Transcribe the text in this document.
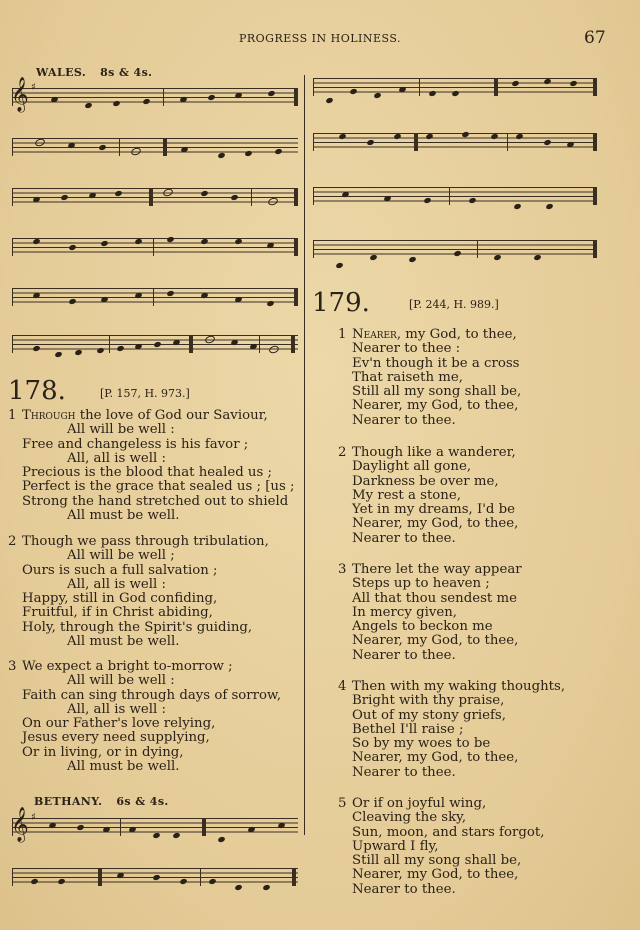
PROGRESS IN HOLINESS.	67
WALES. 8s & 4s.
𝄞 ♯
178.	[P. 157, H. 973.]
1 Through the love of God our Saviour,
All will be well :
Free and changeless is his favor ;
All, all is well :
Precious is the blood that healed us ;
Perfect is the grace that sealed us ; [us ;
Strong the hand stretched out to shield
All must be well.
2 Though we pass through tribulation,
All will be well ;
Ours is such a full salvation ;
All, all is well :
Happy, still in God confiding,
Fruitful, if in Christ abiding,
Holy, through the Spirit's guiding,
All must be well.
3 We expect a bright to-morrow ;
All will be well :
Faith can sing through days of sorrow,
All, all is well :
On our Father's love relying,
Jesus every need supplying,
Or in living, or in dying,
All must be well.
BETHANY. 6s & 4s.
𝄞 ♯
179.	[P. 244, H. 989.]
1 Nearer, my God, to thee,
Nearer to thee :
Ev'n though it be a cross
That raiseth me,
Still all my song shall be,
Nearer, my God, to thee,
Nearer to thee.
2 Though like a wanderer,
Daylight all gone,
Darkness be over me,
My rest a stone,
Yet in my dreams, I'd be
Nearer, my God, to thee,
Nearer to thee.
3 There let the way appear
Steps up to heaven ;
All that thou sendest me
In mercy given,
Angels to beckon me
Nearer, my God, to thee,
Nearer to thee.
4 Then with my waking thoughts,
Bright with thy praise,
Out of my stony griefs,
Bethel I'll raise ;
So by my woes to be
Nearer, my God, to thee,
Nearer to thee.
5 Or if on joyful wing,
Cleaving the sky,
Sun, moon, and stars forgot,
Upward I fly,
Still all my song shall be,
Nearer, my God, to thee,
Nearer to thee.
